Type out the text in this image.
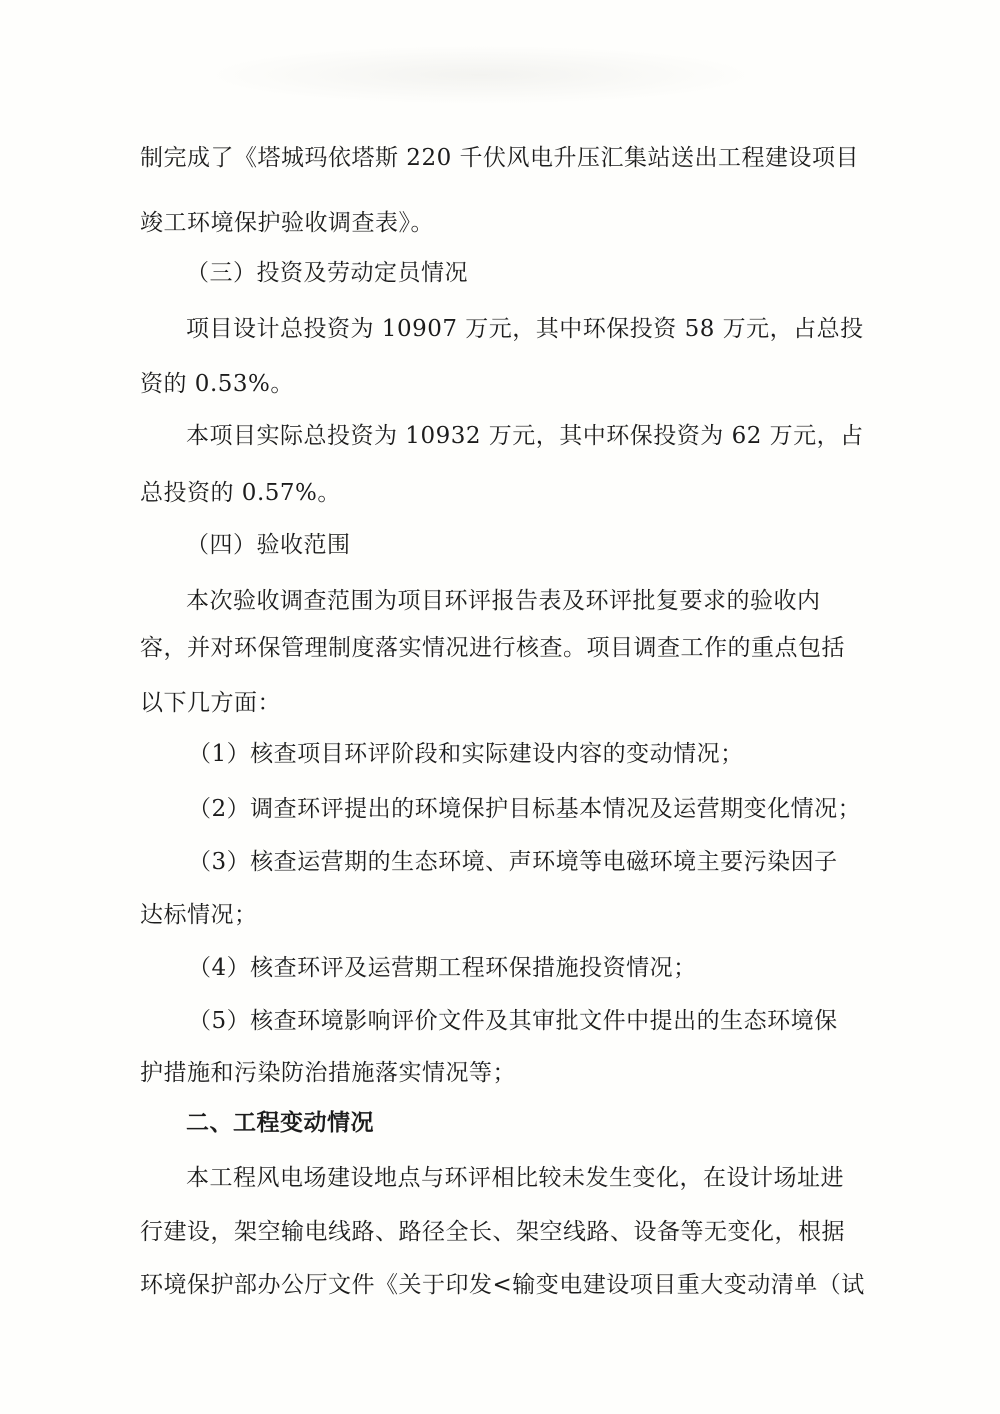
制完成了《塔城玛依塔斯 220 千伏风电升压汇集站送出工程建设项目
竣工环境保护验收调查表》。
（三）投资及劳动定员情况
项目设计总投资为 10907 万元，其中环保投资 58 万元，占总投
资的 0.53%。
本项目实际总投资为 10932 万元，其中环保投资为 62 万元，占
总投资的 0.57%。
（四）验收范围
本次验收调查范围为项目环评报告表及环评批复要求的验收内
容，并对环保管理制度落实情况进行核查。项目调查工作的重点包括
以下几方面：
（1）核查项目环评阶段和实际建设内容的变动情况；
（2）调查环评提出的环境保护目标基本情况及运营期变化情况；
（3）核查运营期的生态环境、声环境等电磁环境主要污染因子
达标情况；
（4）核查环评及运营期工程环保措施投资情况；
（5）核查环境影响评价文件及其审批文件中提出的生态环境保
护措施和污染防治措施落实情况等；
二、工程变动情况
本工程风电场建设地点与环评相比较未发生变化，在设计场址进
行建设，架空输电线路、路径全长、架空线路、设备等无变化，根据
环境保护部办公厅文件《关于印发<输变电建设项目重大变动清单（试
